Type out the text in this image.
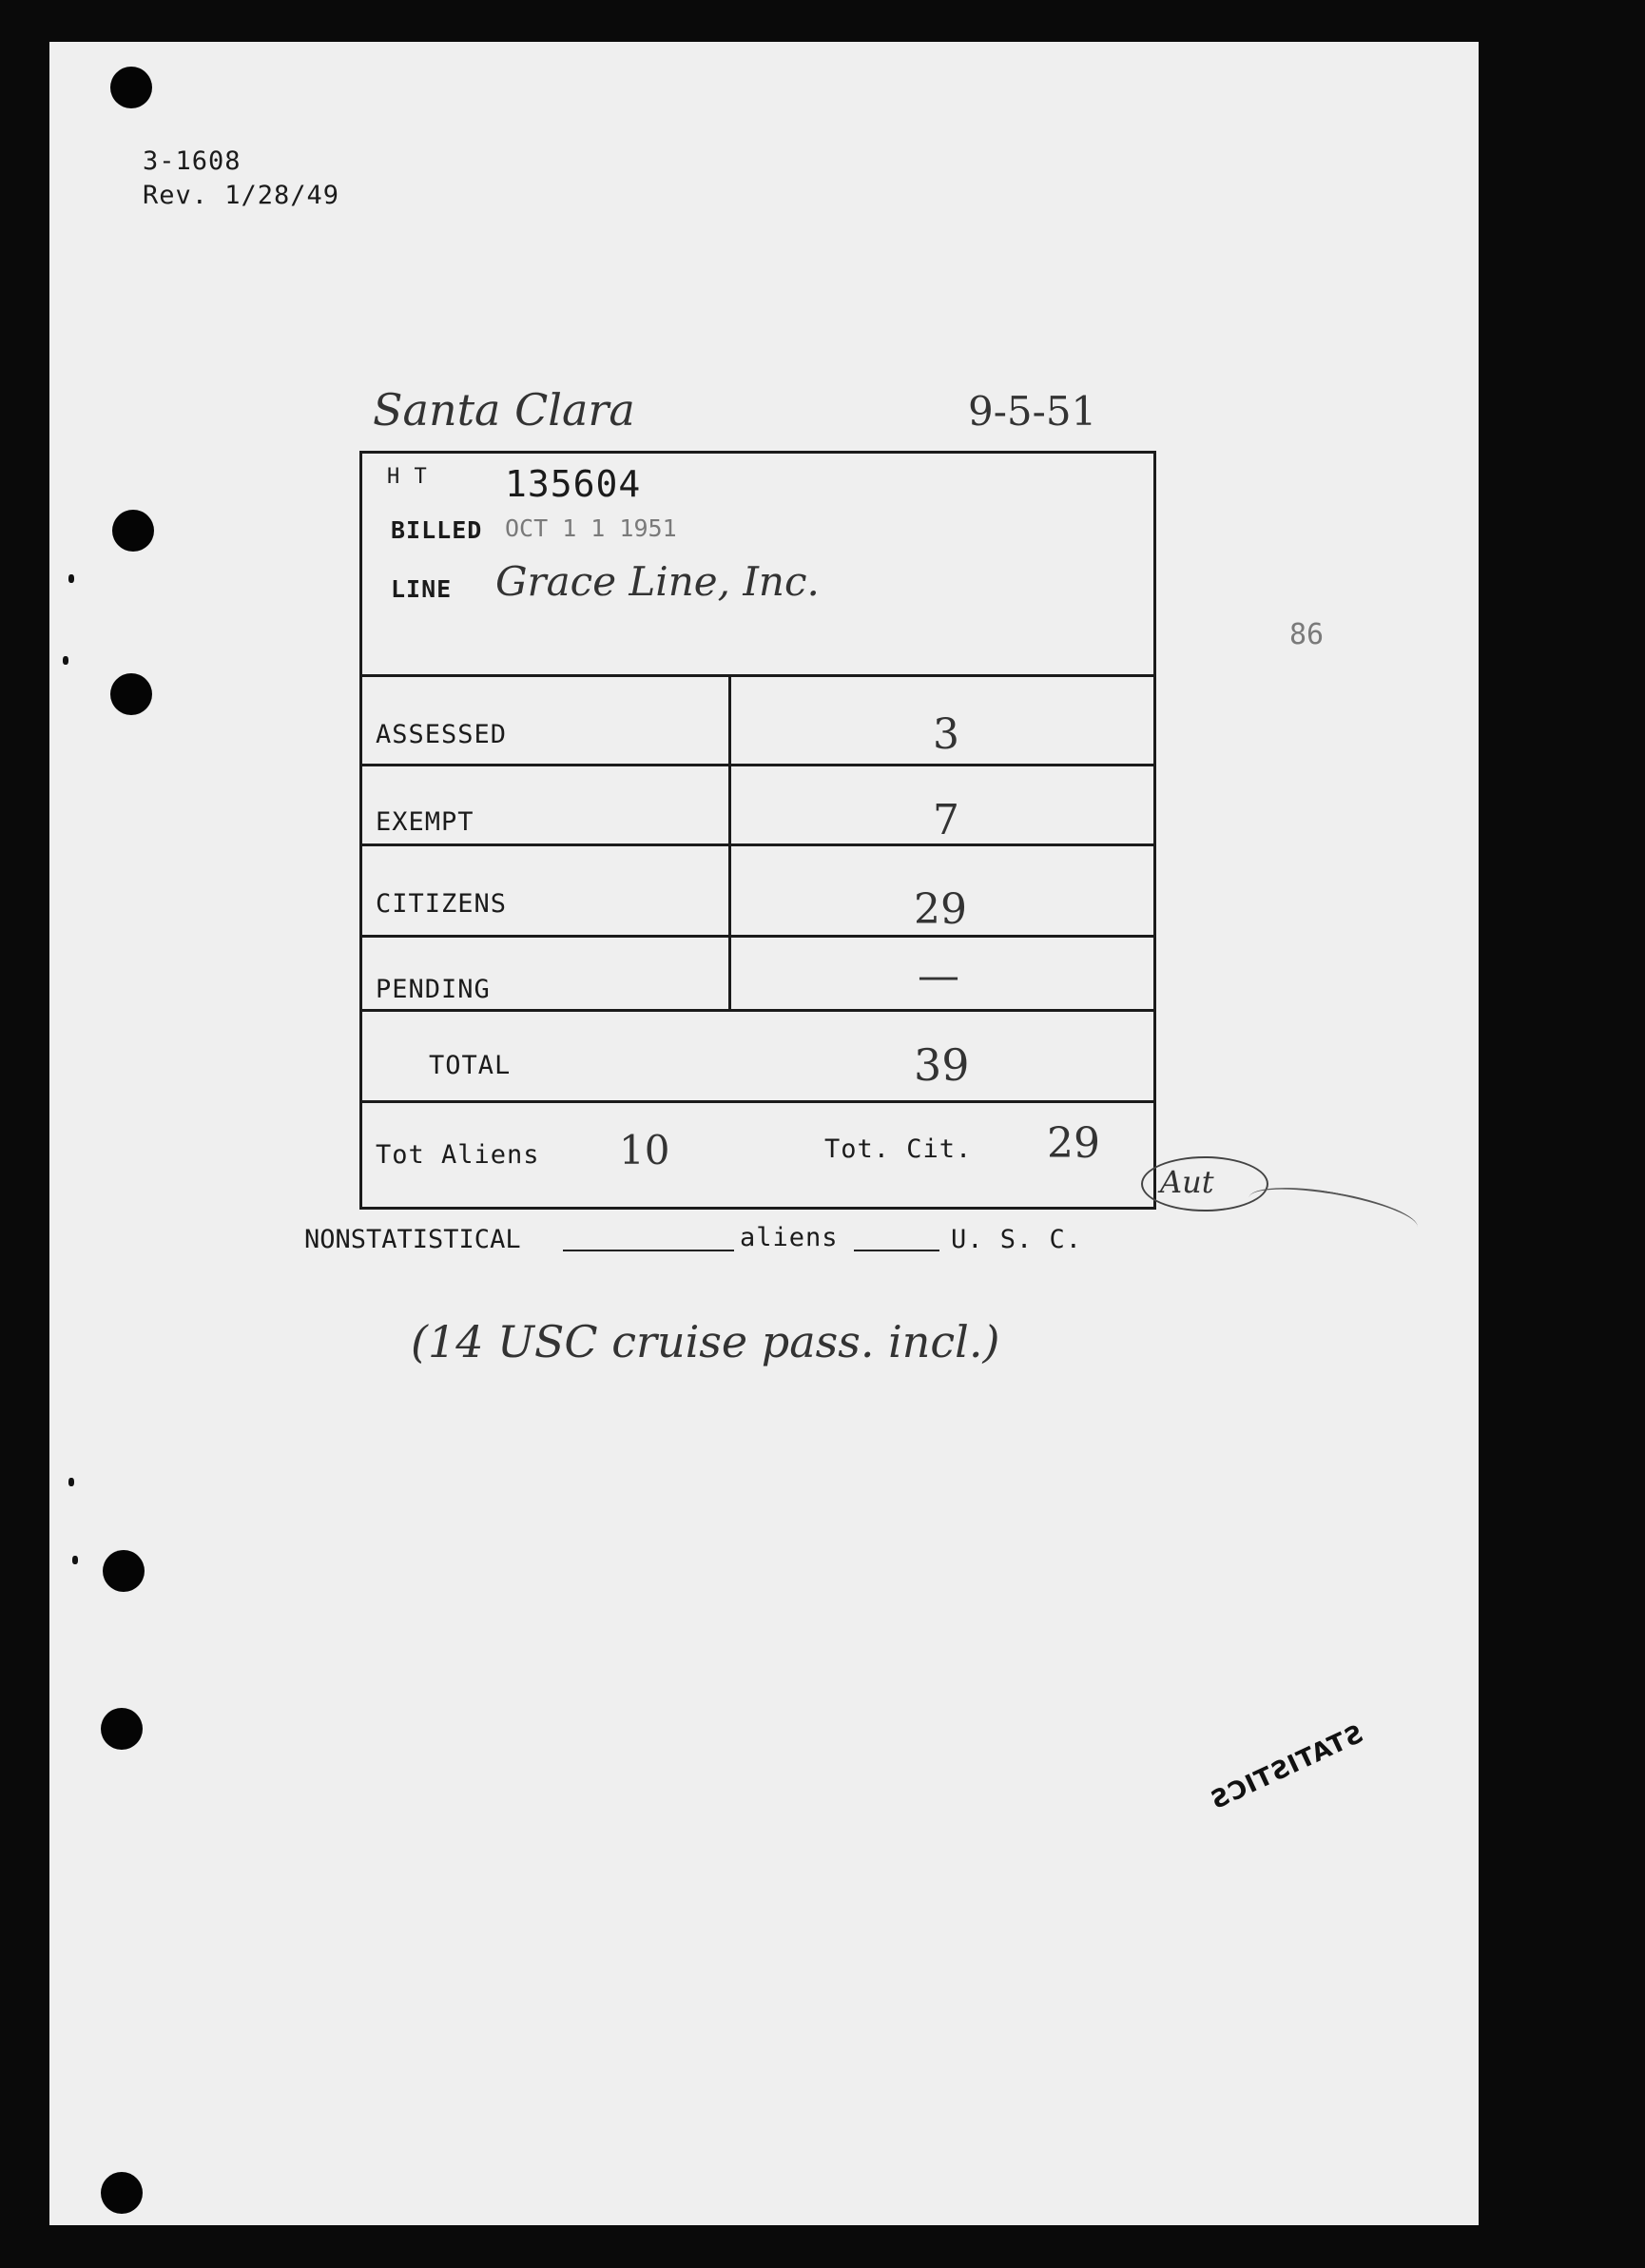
3-1608
Rev. 1/28/49
Santa Clara	9-5-51
86
H T 135604
BILLED OCT 1 1 1951
LINE Grace Line, Inc.
ASSESSED	3
EXEMPT	7
CITIZENS	29
PENDING	—
TOTAL	39
Tot Aliens 10	Tot. Cit. 29
Aut
NONSTATISTICAL	aliens	U. S. C.
(14 USC cruise pass. incl.)
STATISTICS
